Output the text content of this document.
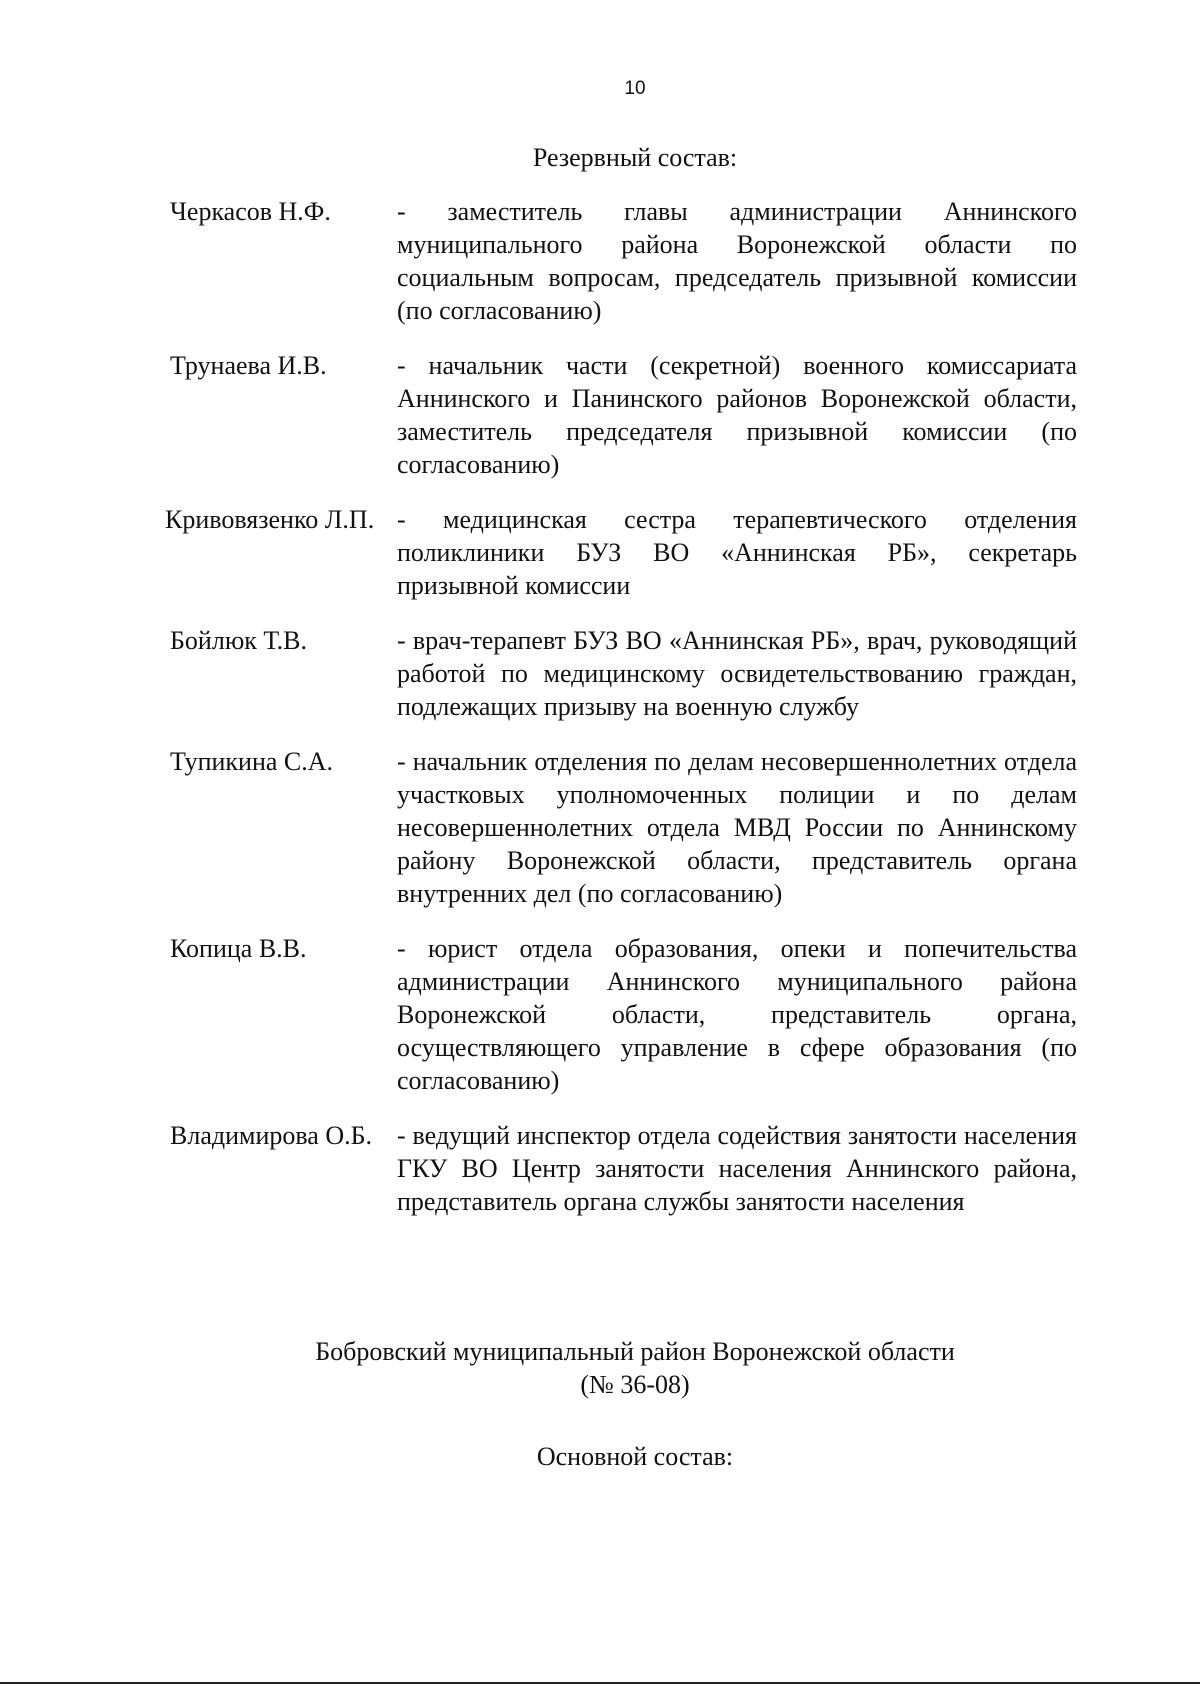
10
Резервный состав:
Черкасов Н.Ф.	- заместитель главы администрации Аннинского муниципального района Воронежской области по социальным вопросам, председатель призывной комиссии (по согласованию)
Трунаева И.В.	- начальник части (секретной) военного комиссариата Аннинского и Панинского районов Воронежской области, заместитель председателя призывной комиссии (по согласованию)
Кривовязенко Л.П. - медицинская сестра терапевтического отделения поликлиники БУЗ ВО «Аннинская РБ», секретарь призывной комиссии
Бойлюк Т.В.	- врач-терапевт БУЗ ВО «Аннинская РБ», врач, руководящий работой по медицинскому освидетельствованию граждан, подлежащих призыву на военную службу
Тупикина С.А. - начальник отделения по делам несовершеннолетних отдела участковых уполномоченных полиции и по делам несовершеннолетних отдела МВД России по Аннинскому району Воронежской области, представитель органа внутренних дел (по согласованию)
Копица В.В.	- юрист отдела образования, опеки и попечительства администрации Аннинского муниципального района Воронежской области, представитель органа, осуществляющего управление в сфере образования (по согласованию)
Владимирова О.Б. - ведущий инспектор отдела содействия занятости населения ГКУ ВО Центр занятости населения Аннинского района, представитель органа службы занятости населения
Бобровский муниципальный район Воронежской области
(№ 36-08)
Основной состав:
